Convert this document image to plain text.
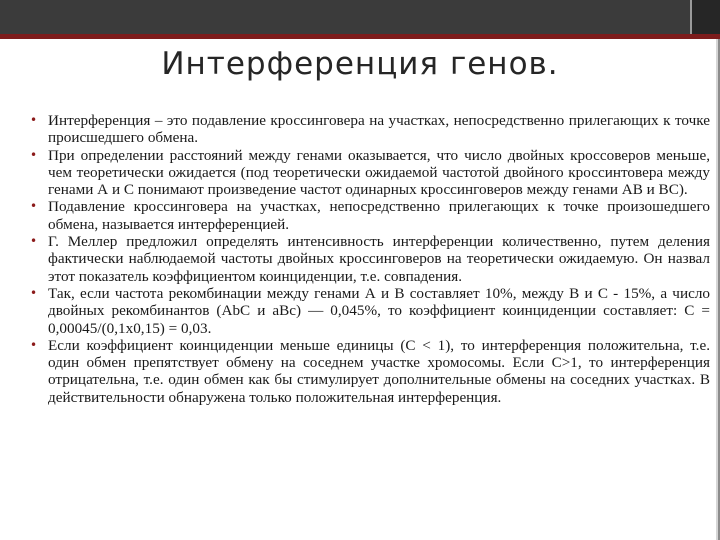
Интерференция генов.
• Интерференция – это подавление кроссинговера на участках, непосредственно прилегающих к точке происшедшего обмена.
• При определении расстояний между генами оказывается, что число двойных кроссоверов меньше, чем теоретически ожидается (под теоретически ожидаемой частотой двойного кроссинтовера между генами А и С понимают произведение частот одинарных кроссинговеров между генами АВ и ВС).
• Подавление кроссинговера на участках, непосредственно прилегающих к точке произошедшего обмена, называется интерференцией.
• Г. Меллер предложил определять интенсивность интерференции количественно, путем деления фактически наблюдаемой частоты двойных кроссинговеров на теоретически ожидаемую. Он назвал этот показатель коэффициентом коинциденции, т.е. совпадения.
• Так, если частота рекомбинации между генами А и В составляет 10%, между В и С - 15%, а число двойных рекомбинантов (AbC и aBc) — 0,045%, то коэффициент коинциденции составляет: C = 0,00045/(0,1x0,15) = 0,03.
• Если коэффициент коинциденции меньше единицы (C < 1), то интерференция положительна, т.е. один обмен препятствует обмену на соседнем участке хромосомы. Если C>1, то интерференция отрицательна, т.е. один обмен как бы стимулирует дополнительные обмены на соседних участках. В действительности обнаружена только положительная интерференция.
